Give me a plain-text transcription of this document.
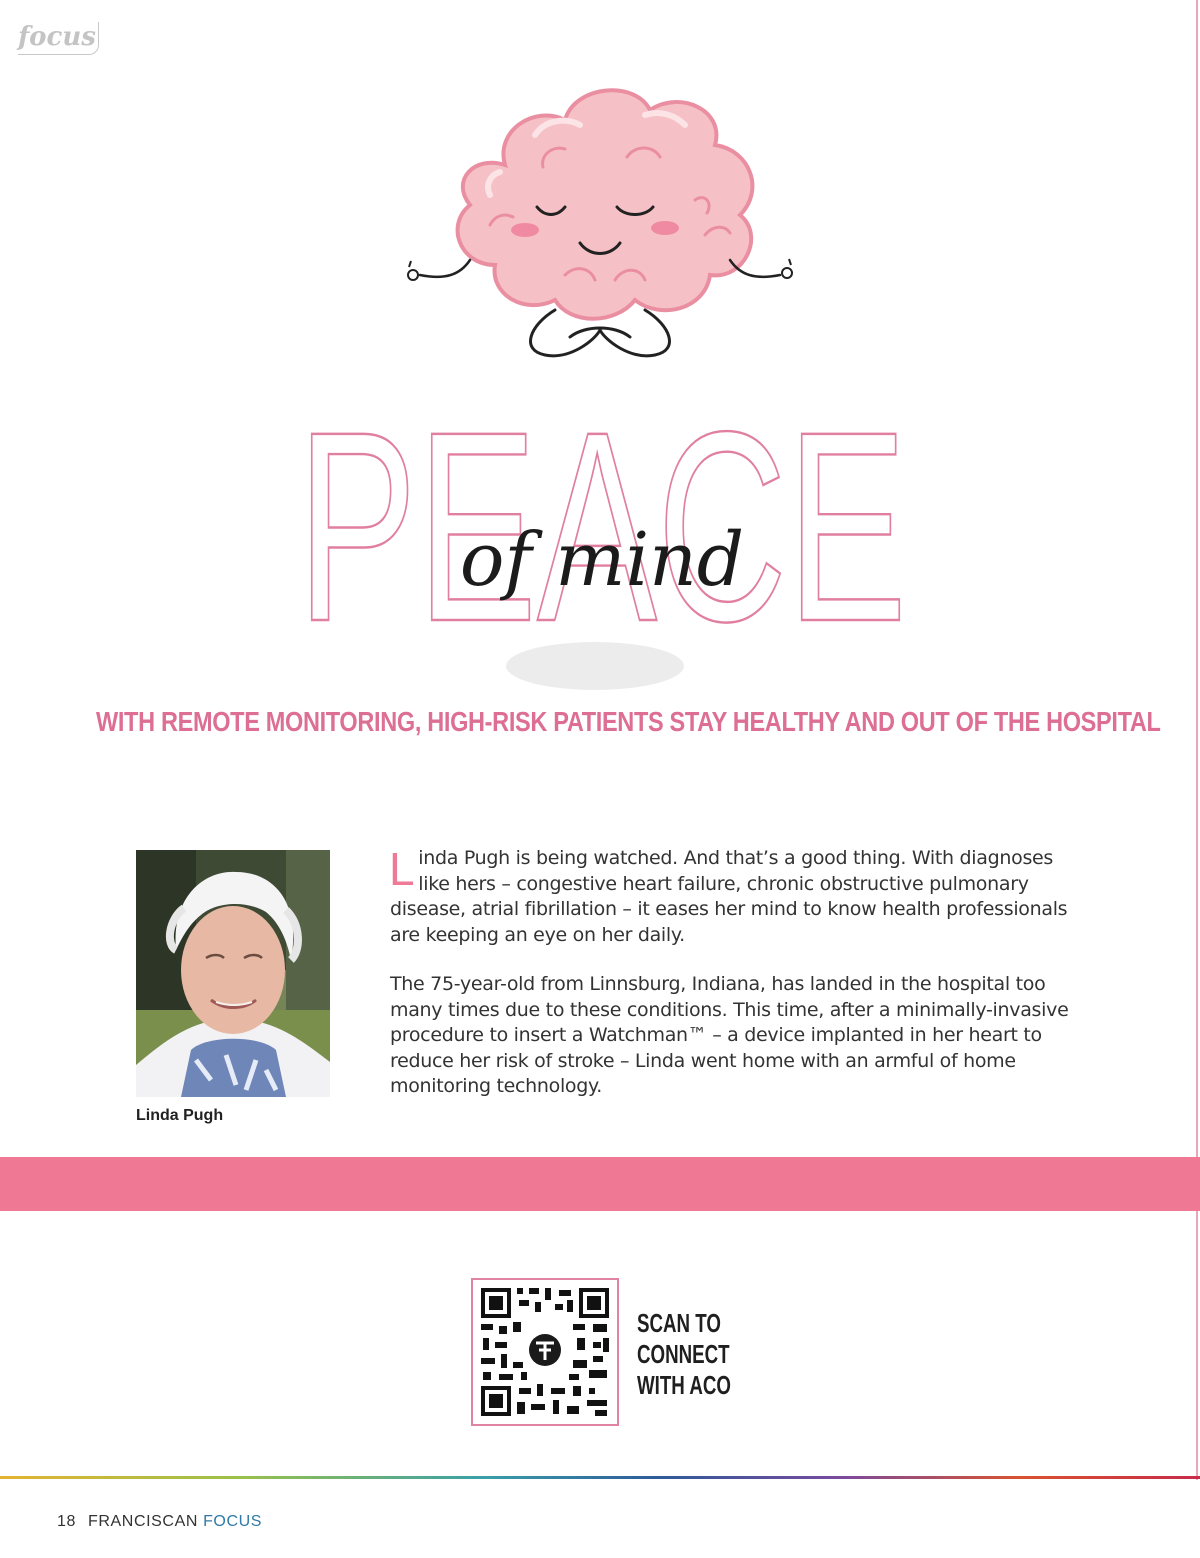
focus
PEACE
of mind
WITH REMOTE MONITORING, HIGH-RISK PATIENTS STAY HEALTHY AND OUT OF THE HOSPITAL
Linda Pugh

Linda Pugh is being watched. And that’s a good thing. With diagnoses like hers – congestive heart failure, chronic obstructive pulmonary disease, atrial fibrillation – it eases her mind to know health professionals are keeping an eye on her daily.

The 75-year-old from Linnsburg, Indiana, has landed in the hospital too many times due to these conditions. This time, after a minimally-invasive procedure to insert a Watchman™ – a device implanted in her heart to reduce her risk of stroke – Linda went home with an armful of home monitoring technology.

SCAN TO
CONNECT
WITH ACO
18 FRANCISCAN FOCUS
